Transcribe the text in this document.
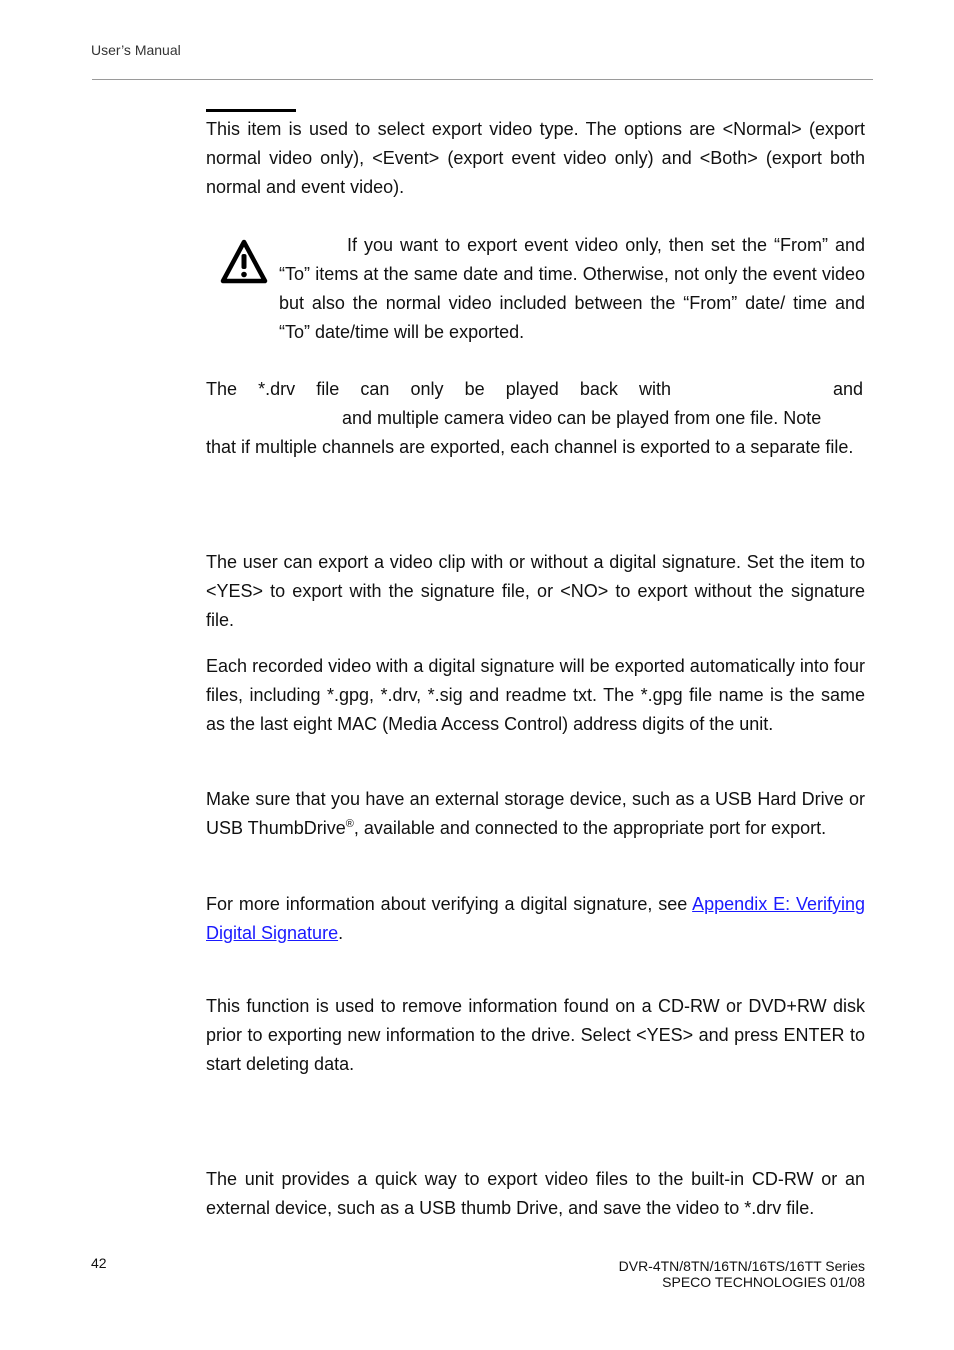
User’s Manual

This item is used to select export video type. The options are <Normal> (export normal video only), <Event> (export event video only) and <Both> (export both normal and event video).

If you want to export event video only, then set the “From” and “To” items at the same date and time. Otherwise, not only the event video but also the normal video included between the “From” date/ time and “To” date/time will be exported.

The *.drv file can only be played back with	and
and multiple camera video can be played from one file. Note

that if multiple channels are exported, each channel is exported to a separate file.

The user can export a video clip with or without a digital signature. Set the item to <YES> to export with the signature file, or <NO> to export without the signature file.

Each recorded video with a digital signature will be exported automatically into four files, including *.gpg, *.drv, *.sig and readme txt. The *.gpg file name is the same as the last eight MAC (Media Access Control) address digits of the unit.

Make sure that you have an external storage device, such as a USB Hard Drive or USB ThumbDrive®, available and connected to the appropriate port for export.

For more information about verifying a digital signature, see Appendix E: Verifying Digital Signature.

This function is used to remove information found on a CD-RW or DVD+RW disk prior to exporting new information to the drive. Select <YES> and press ENTER to start deleting data.

The unit provides a quick way to export video files to the built-in CD-RW or an external device, such as a USB thumb Drive, and save the video to *.drv file.

42	DVR-4TN/8TN/16TN/16TS/16TT Series
SPECO TECHNOLOGIES 01/08
